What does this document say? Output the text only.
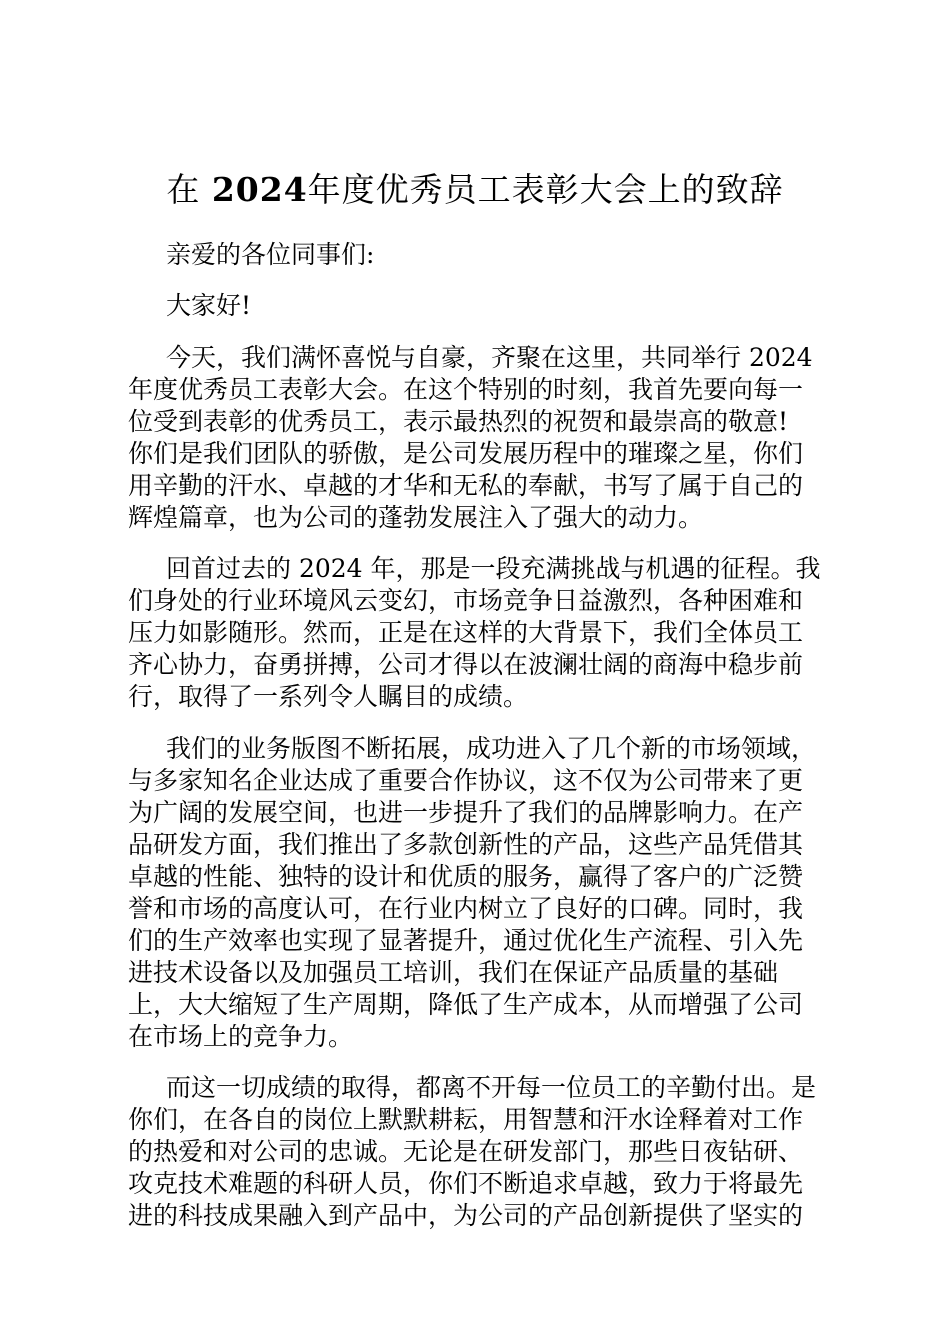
在 2024年度优秀员工表彰大会上的致辞
亲爱的各位同事们:
大家好!
今天，我们满怀喜悦与自豪，齐聚在这里，共同举行 2024
年度优秀员工表彰大会。在这个特别的时刻，我首先要向每一
位受到表彰的优秀员工，表示最热烈的祝贺和最崇高的敬意!
你们是我们团队的骄傲，是公司发展历程中的璀璨之星，你们
用辛勤的汗水、卓越的才华和无私的奉献，书写了属于自己的
辉煌篇章，也为公司的蓬勃发展注入了强大的动力。
回首过去的 2024 年，那是一段充满挑战与机遇的征程。我
们身处的行业环境风云变幻，市场竞争日益激烈，各种困难和
压力如影随形。然而，正是在这样的大背景下，我们全体员工
齐心协力，奋勇拼搏，公司才得以在波澜壮阔的商海中稳步前
行，取得了一系列令人瞩目的成绩。
我们的业务版图不断拓展，成功进入了几个新的市场领域，
与多家知名企业达成了重要合作协议，这不仅为公司带来了更
为广阔的发展空间，也进一步提升了我们的品牌影响力。在产
品研发方面，我们推出了多款创新性的产品，这些产品凭借其
卓越的性能、独特的设计和优质的服务，赢得了客户的广泛赞
誉和市场的高度认可，在行业内树立了良好的口碑。同时，我
们的生产效率也实现了显著提升，通过优化生产流程、引入先
进技术设备以及加强员工培训，我们在保证产品质量的基础
上，大大缩短了生产周期，降低了生产成本，从而增强了公司
在市场上的竞争力。
而这一切成绩的取得，都离不开每一位员工的辛勤付出。是
你们，在各自的岗位上默默耕耘，用智慧和汗水诠释着对工作
的热爱和对公司的忠诚。无论是在研发部门，那些日夜钻研、
攻克技术难题的科研人员，你们不断追求卓越，致力于将最先
进的科技成果融入到产品中，为公司的产品创新提供了坚实的
